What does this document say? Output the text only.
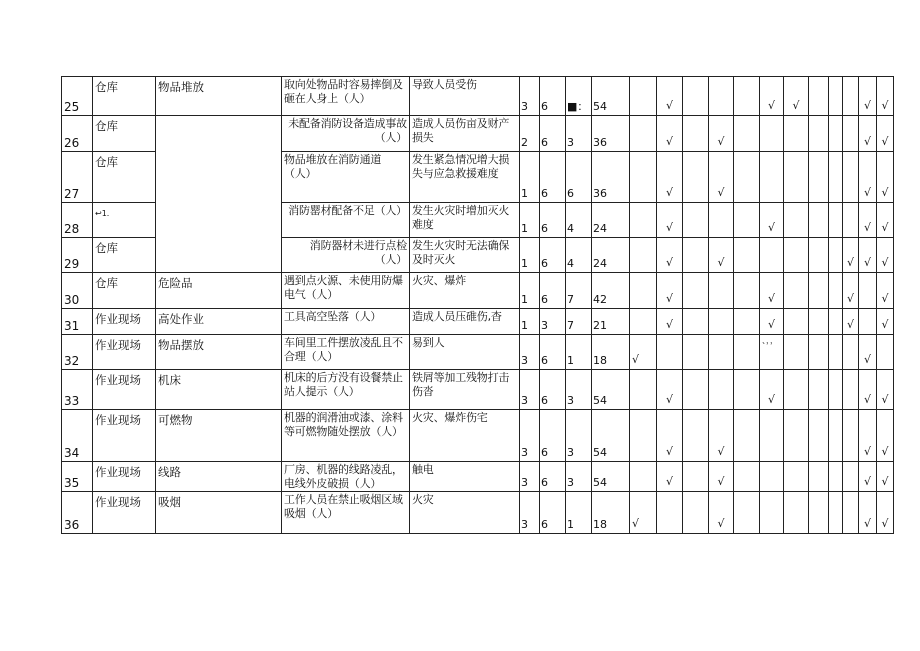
25	仓库	物品堆放	取向处物品时容易摔倒及砸在人身上（人）	导致人员受伤	3	6	■：	54		√				√	√				√	√
26	仓库		未配备消防设备造成事故（人）	造成人员伤亩及财产损失	2	6	3	36		√		√							√	√
27	仓库		物品堆放在消防通道（人）	发生紧急情况增大损失与应急救援难度	1	6	6	36		√		√							√	√
28	↩1.		消防罂材配备不足（人）	发生火灾时增加灭火难度	1	6	4	24		√				√					√	√
29	仓库		消防器材未进行点检（人）	发生火灾时无法确保及时灭火	1	6	4	24		√		√						√	√	√
30	仓库	危险品	遇到点火源、未使用防爆电气（人）	火灾、爆炸	1	6	7	42		√				√				√		√
31	作业现场	高处作业	工具高空坠落（人）	造成人员压碓伤,杳	1	3	7	21		√				√				√		√
32	作业现场	物品摆放	车间里工件摆放凌乱且不合理（人）	易到人	3	6	1	18	√					、，，					√	
33	作业现场	机床	机床的后方没有设餐禁止站人提示（人）	铁屑等加工残物打击伤沓	3	6	3	54		√				√					√	√
34	作业现场	可燃物	机器的润滑油或漆、涂料等可燃物随处摆放（人）	火灾、爆炸伤宅	3	6	3	54		√		√							√	√
35	作业现场	线路	厂房、机器的线路凌乱，电线外皮破损（人）	触电	3	6	3	54		√		√							√	√
36	作业现场	吸烟	工作人员在禁止吸烟区域吸烟（人）	火灾	3	6	1	18	√			√							√	√
